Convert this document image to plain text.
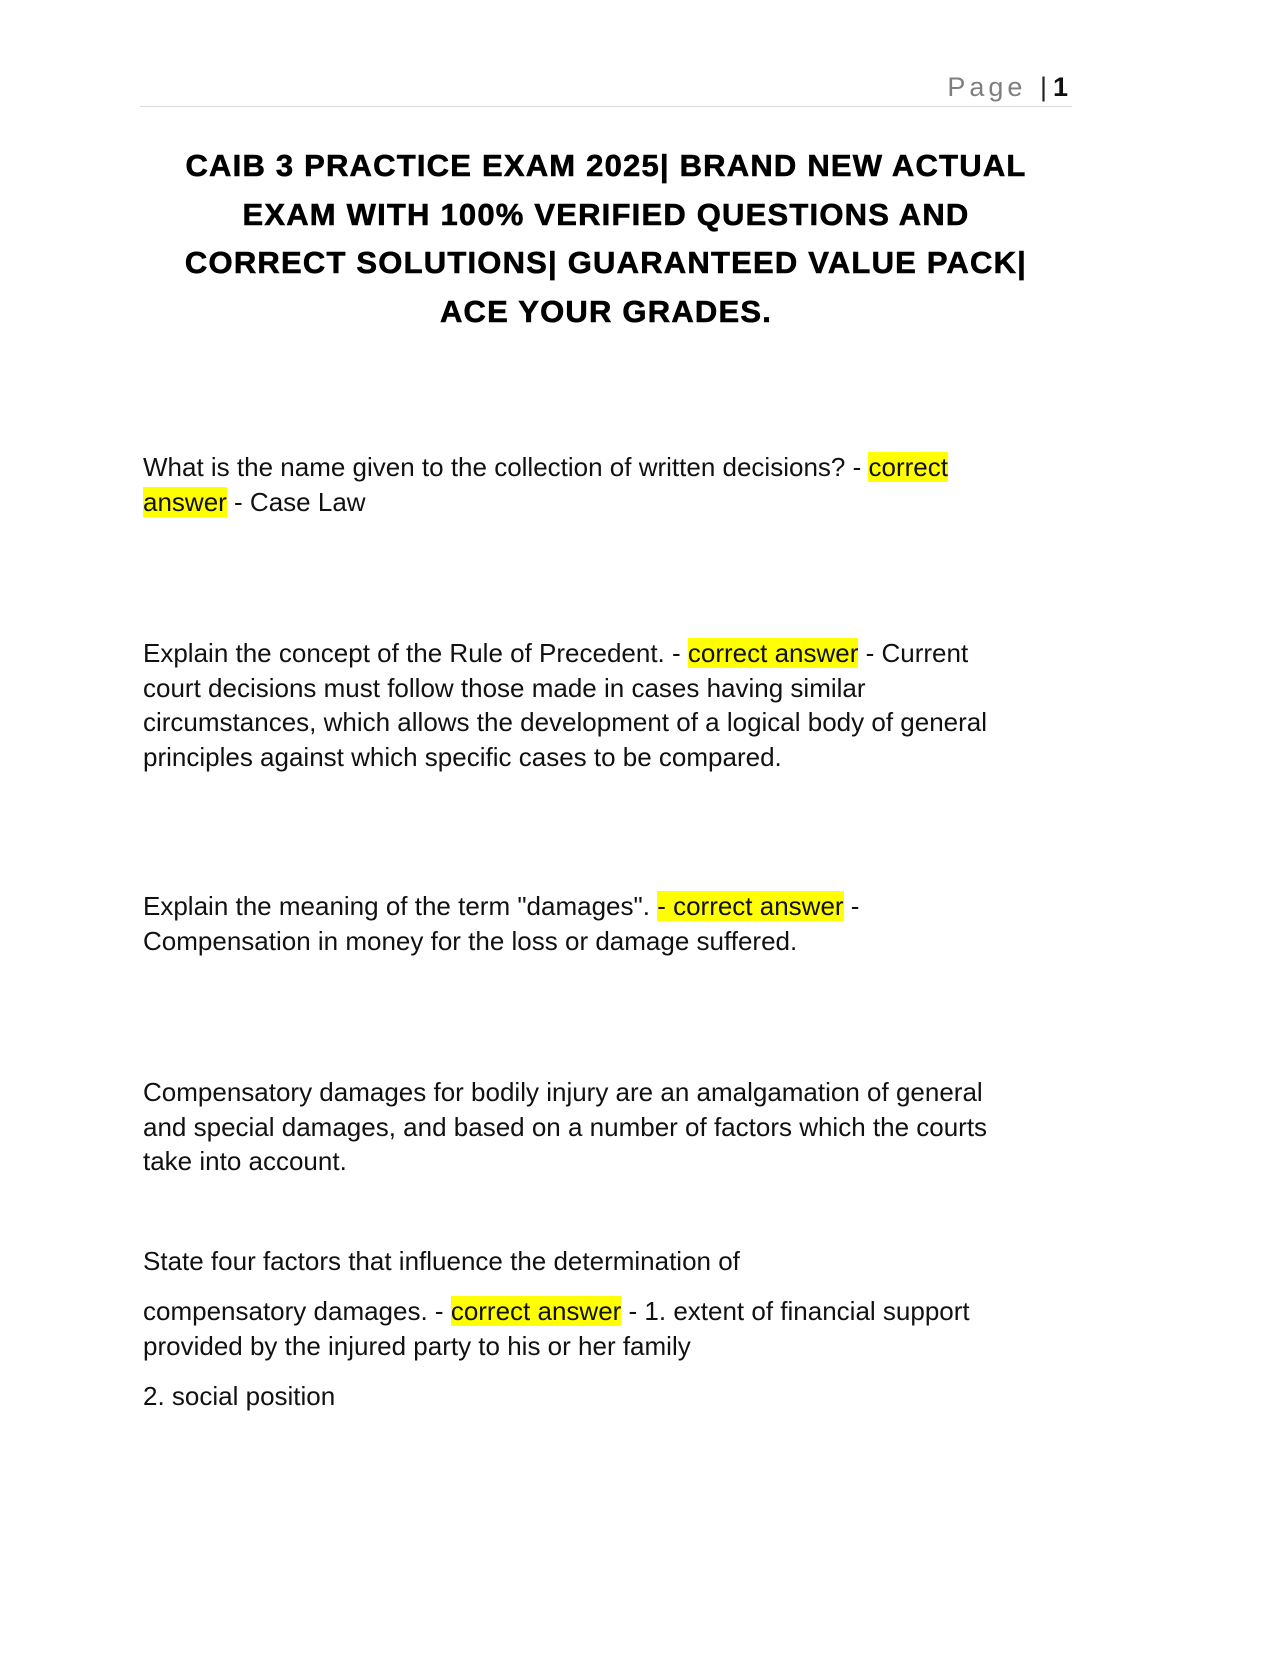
Page | 1
CAIB 3 PRACTICE EXAM 2025| BRAND NEW ACTUAL
EXAM WITH 100% VERIFIED QUESTIONS AND
CORRECT SOLUTIONS| GUARANTEED VALUE PACK|
ACE YOUR GRADES.
What is the name given to the collection of written decisions? - correct
answer - Case Law
Explain the concept of the Rule of Precedent. - correct answer - Current
court decisions must follow those made in cases having similar
circumstances, which allows the development of a logical body of general
principles against which specific cases to be compared.
Explain the meaning of the term "damages". - correct answer -
Compensation in money for the loss or damage suffered.
Compensatory damages for bodily injury are an amalgamation of general
and special damages, and based on a number of factors which the courts
take into account.
State four factors that influence the determination of
compensatory damages. - correct answer - 1. extent of financial support
provided by the injured party to his or her family
2. social position
